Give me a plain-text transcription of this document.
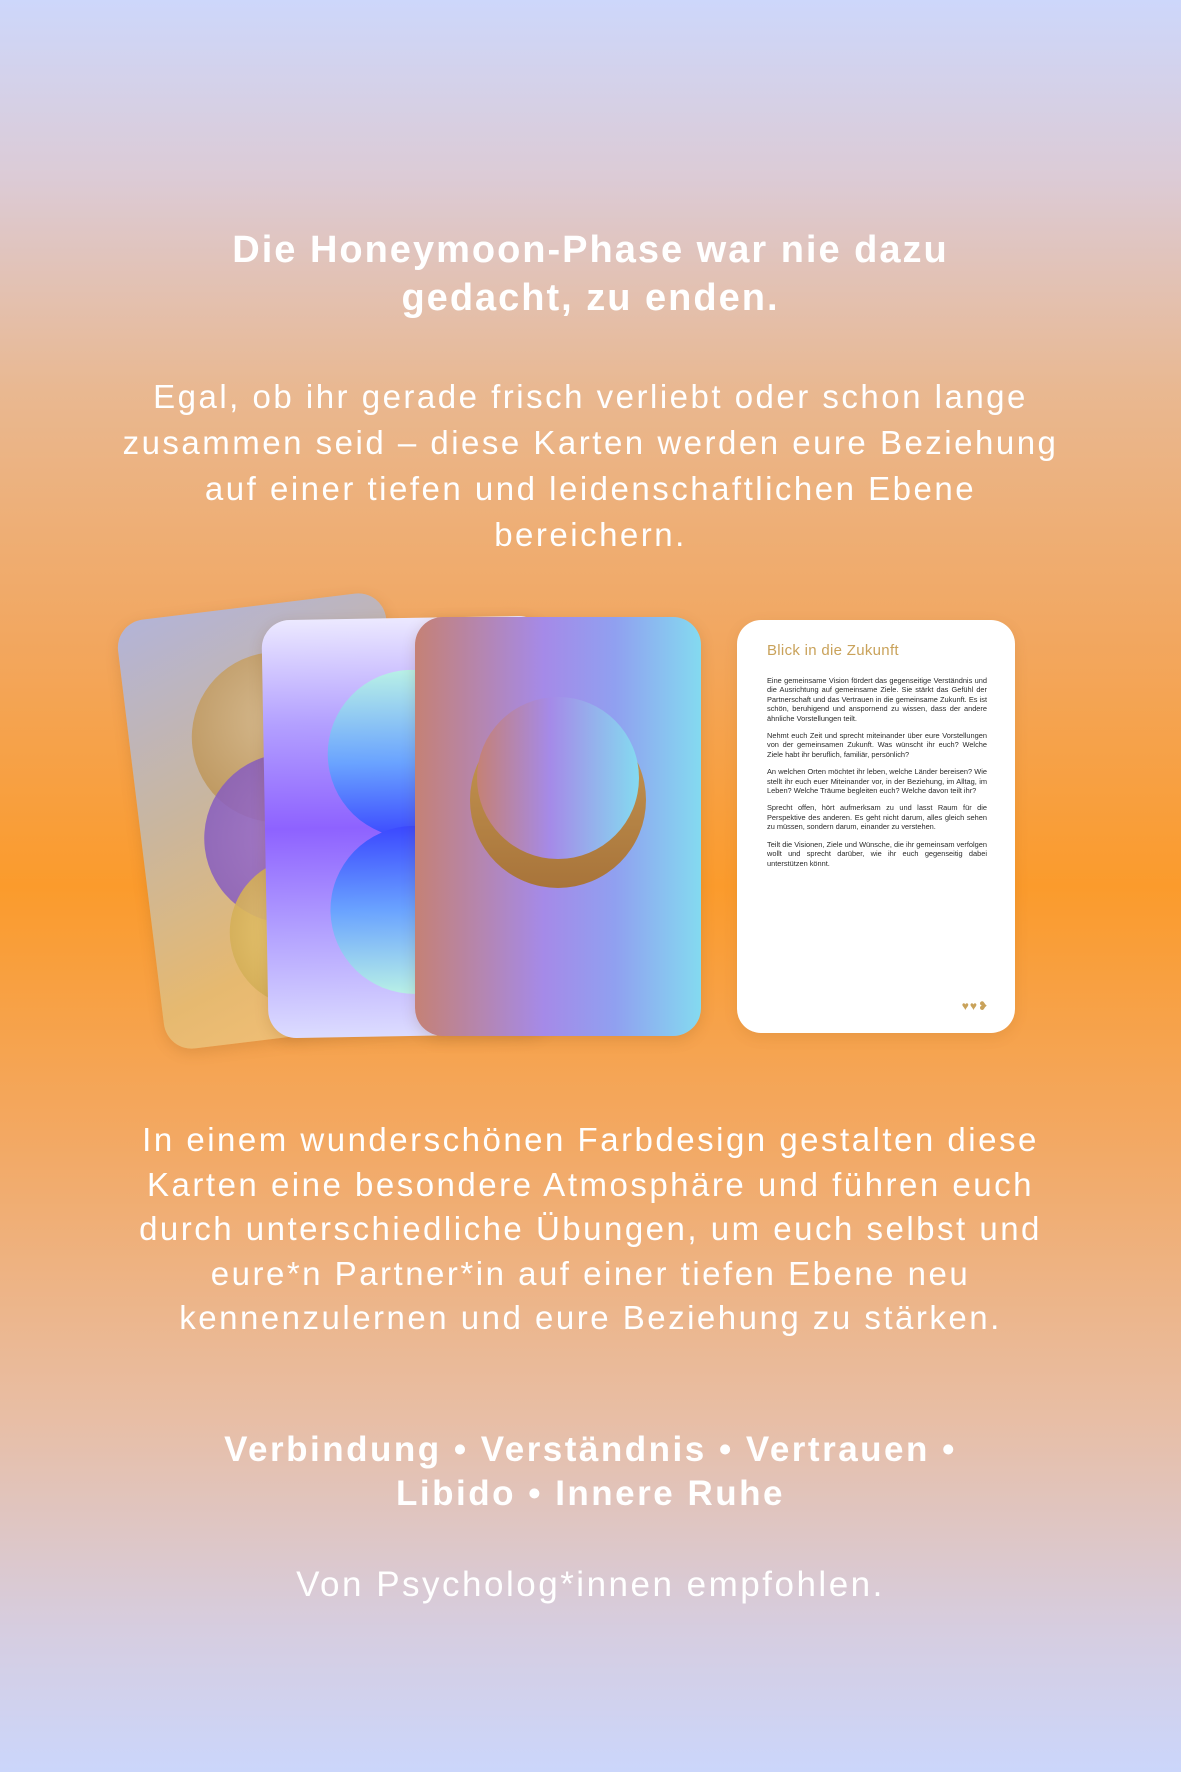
Die Honeymoon-Phase war nie dazu gedacht, zu enden.

Egal, ob ihr gerade frisch verliebt oder schon lange zusammen seid – diese Karten werden eure Beziehung auf einer tiefen und leidenschaftlichen Ebene bereichern.

Blick in die Zukunft

Eine gemeinsame Vision fördert das gegenseitige Verständnis und die Ausrichtung auf gemeinsame Ziele. Sie stärkt das Gefühl der Partnerschaft und das Vertrauen in die gemeinsame Zukunft. Es ist schön, beruhigend und anspornend zu wissen, dass der andere ähnliche Vorstellungen teilt.

Nehmt euch Zeit und sprecht miteinander über eure Vorstellungen von der gemeinsamen Zukunft. Was wünscht ihr euch? Welche Ziele habt ihr beruflich, familiär, persönlich?

An welchen Orten möchtet ihr leben, welche Länder bereisen? Wie stellt ihr euch euer Miteinander vor, in der Beziehung, im Alltag, im Leben? Welche Träume begleiten euch? Welche davon teilt ihr?

Sprecht offen, hört aufmerksam zu und lasst Raum für die Perspektive des anderen. Es geht nicht darum, alles gleich sehen zu müssen, sondern darum, einander zu verstehen.

Teilt die Visionen, Ziele und Wünsche, die ihr gemeinsam verfolgen wollt und sprecht darüber, wie ihr euch gegenseitig dabei unterstützen könnt.

♥♥❥

In einem wunderschönen Farbdesign gestalten diese Karten eine besondere Atmosphäre und führen euch durch unterschiedliche Übungen, um euch selbst und eure*n Partner*in auf einer tiefen Ebene neu kennenzulernen und eure Beziehung zu stärken.

Verbindung • Verständnis • Vertrauen •
Libido • Innere Ruhe

Von Psycholog*innen empfohlen.
